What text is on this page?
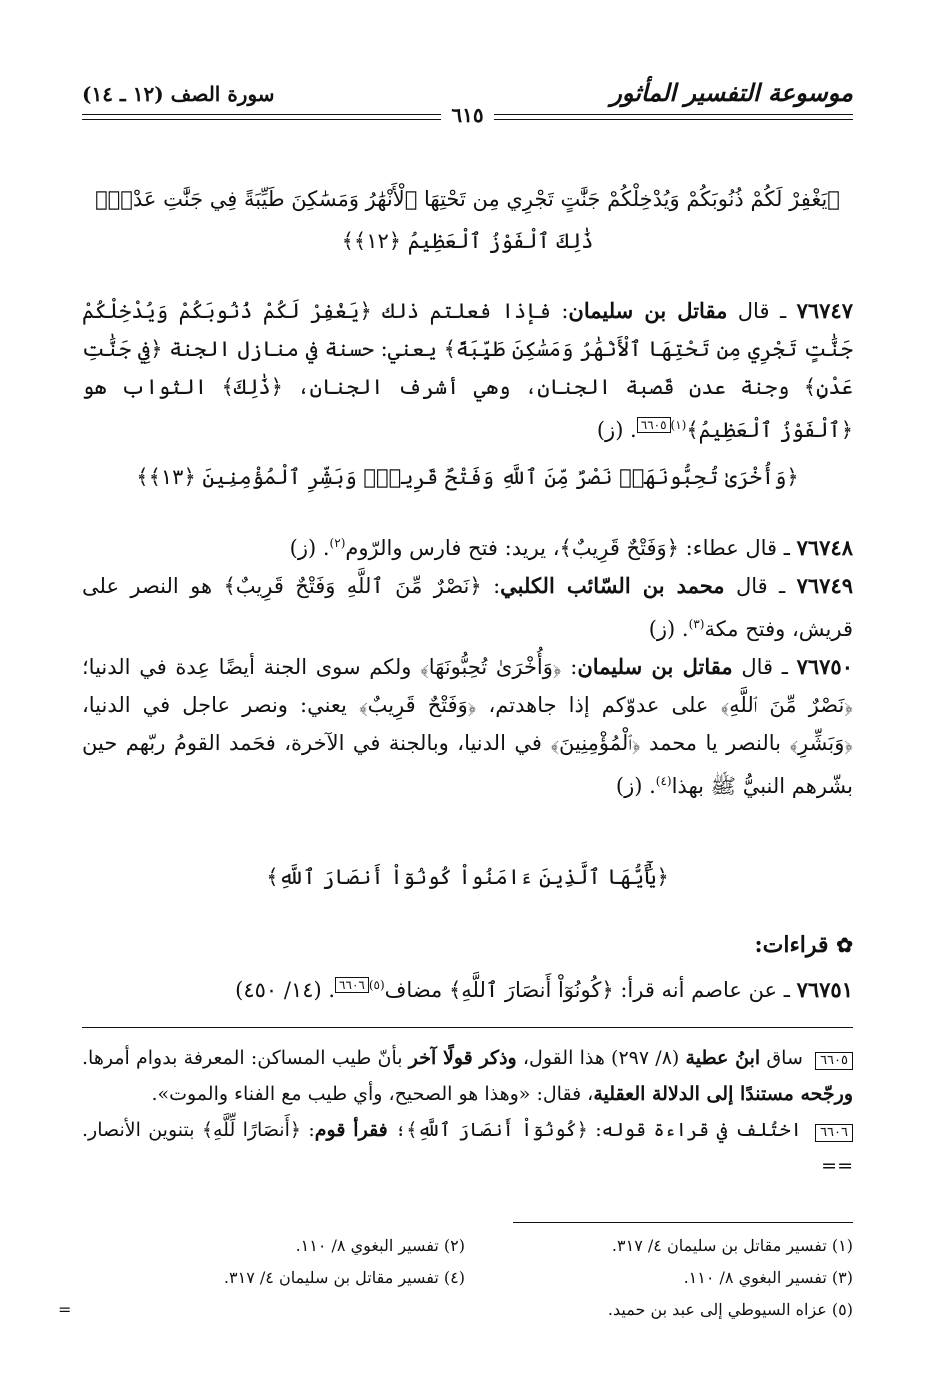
موسوعة التفسير المأثور
سورة الصف (١٢ ـ ١٤)
٦١٥
﴿يَغْفِرْ لَكُمْ ذُنُوبَكُمْ وَيُدْخِلْكُمْ جَنَّٰتٍ تَجْرِي مِن تَحْتِهَا ٱلْأَنْهَٰرُ وَمَسَٰكِنَ طَيِّبَةً فِي جَنَّٰتِ عَدْنٍۚ
ذَٰلِكَ ٱلْفَوْزُ ٱلْعَظِيمُ ﴿١٢﴾﴾

٧٦٧٤٧ ـ قال مقاتل بن سليمان: فإذا فعلتم ذلك ﴿يَغْفِرْ لَكُمْ ذُنُوبَكُمْ وَيُدْخِلْكُمْ جَنَّٰتٍ تَجْرِي مِن تَحْتِهَا ٱلْأَنْهَٰرُ وَمَسَٰكِنَ طَيِّبَةً﴾ يعني: حسنة في منازل الجنة ﴿فِي جَنَّٰتِ عَدْنٍ﴾ وجنة عدن قَصبة الجنان، وهي أشرف الجنان، ﴿ذَٰلِكَ﴾ الثواب هو ﴿ٱلْفَوْزُ ٱلْعَظِيمُ﴾$^{(١)}$٦٦٠٥. (ز)

﴿وَأُخْرَىٰ تُحِبُّونَهَاۖ نَصْرٌ مِّنَ ٱللَّهِ وَفَتْحٌ قَرِيبٌۗ وَبَشِّرِ ٱلْمُؤْمِنِينَ ﴿١٣﴾﴾

٧٦٧٤٨ ـ قال عطاء: ﴿وَفَتْحٌ قَرِيبٌ﴾، يريد: فتح فارس والرّوم$^{(٢)}$. (ز)

٧٦٧٤٩ ـ قال محمد بن السّائب الكلبي: ﴿نَصْرٌ مِّنَ ٱللَّهِ وَفَتْحٌ قَرِيبٌ﴾ هو النصر على قريش، وفتح مكة$^{(٣)}$. (ز)

٧٦٧٥٠ ـ قال مقاتل بن سليمان: ﴿وَأُخْرَىٰ تُحِبُّونَهَا﴾ ولكم سوى الجنة أيضًا عِدة في الدنيا؛ ﴿نَصْرٌ مِّنَ ٱللَّهِ﴾ على عدوّكم إذا جاهدتم، ﴿وَفَتْحٌ قَرِيبٌ﴾ يعني: ونصر عاجل في الدنيا، ﴿وَبَشِّرِ﴾ بالنصر يا محمد ﴿ٱلْمُؤْمِنِينَ﴾ في الدنيا، وبالجنة في الآخرة، فحَمد القومُ ربّهم حين بشّرهم النبيُّ ﷺ بهذا$^{(٤)}$. (ز)

﴿يَٰٓأَيُّهَا ٱلَّذِينَ ءَامَنُواْ كُونُوٓاْ أَنصَارَ ٱللَّهِ﴾
✿ قراءات:

٧٦٧٥١ ـ عن عاصم أنه قرأ: ﴿كُونُوٓاْ أَنصَارَ ٱللَّهِ﴾ مضاف$^{(٥)}$٦٦٠٦. (١٤/ ٤٥٠)

٦٦٠٥ ساق ابنُ عطية (٨/ ٢٩٧) هذا القول، وذكر قولًا آخر بأنّ طيب المساكن: المعرفة بدوام أمرها. ورجّحه مستندًا إلى الدلالة العقلية، فقال: «وهذا هو الصحيح، وأي طيب مع الفناء والموت».

٦٦٠٦ اختُلف في قراءة قوله: ﴿كُونُوٓاْ أَنصَارَ ٱللَّهِ﴾؛ فقرأ قوم: ﴿أَنصَارًا لِّلَّهِ﴾ بتنوين الأنصار. ==

(١) تفسير مقاتل بن سليمان ٤/ ٣١٧.
(٢) تفسير البغوي ٨/ ١١٠.
(٣) تفسير البغوي ٨/ ١١٠.
(٤) تفسير مقاتل بن سليمان ٤/ ٣١٧.
(٥) عزاه السيوطي إلى عبد بن حميد.
=
